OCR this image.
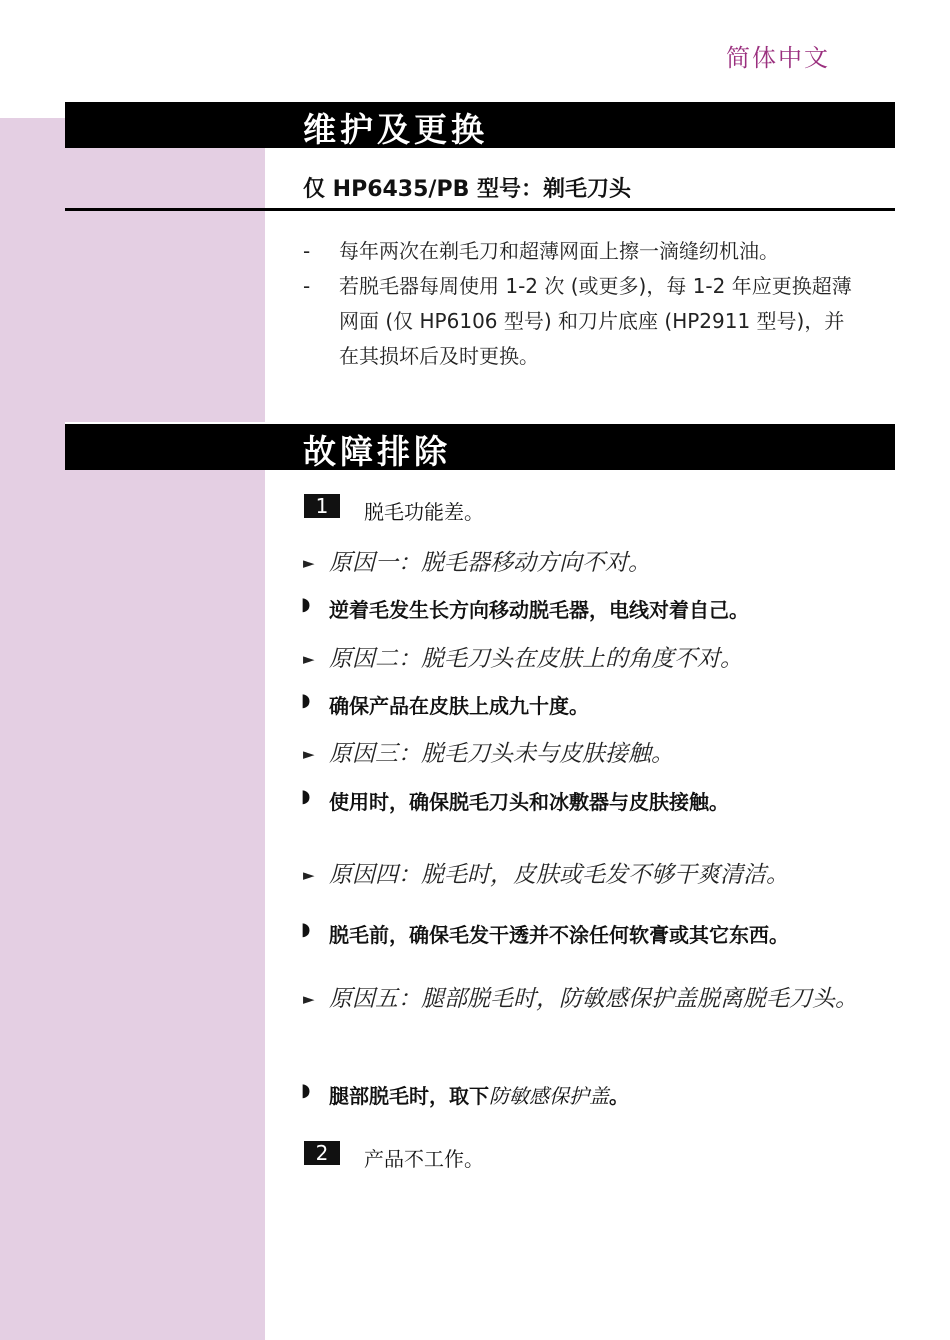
简体中文
维护及更换
仅 HP6435/PB 型号：剃毛刀头
- 每年两次在剃毛刀和超薄网面上擦一滴缝纫机油。
- 若脱毛器每周使用 1-2 次 (或更多)，每 1-2 年应更换超薄网面 (仅 HP6106 型号) 和刀片底座 (HP2911 型号)，并在其损坏后及时更换。
故障排除
1	脱毛功能差。
► 原因一：脱毛器移动方向不对。
◗ 逆着毛发生长方向移动脱毛器，电线对着自己。
► 原因二：脱毛刀头在皮肤上的角度不对。
◗ 确保产品在皮肤上成九十度。
► 原因三：脱毛刀头未与皮肤接触。
◗ 使用时，确保脱毛刀头和冰敷器与皮肤接触。
► 原因四：脱毛时，皮肤或毛发不够干爽清洁。
◗ 脱毛前，确保毛发干透并不涂任何软膏或其它东西。
► 原因五：腿部脱毛时，防敏感保护盖脱离脱毛刀头。
◗ 腿部脱毛时，取下防敏感保护盖。
2	产品不工作。
